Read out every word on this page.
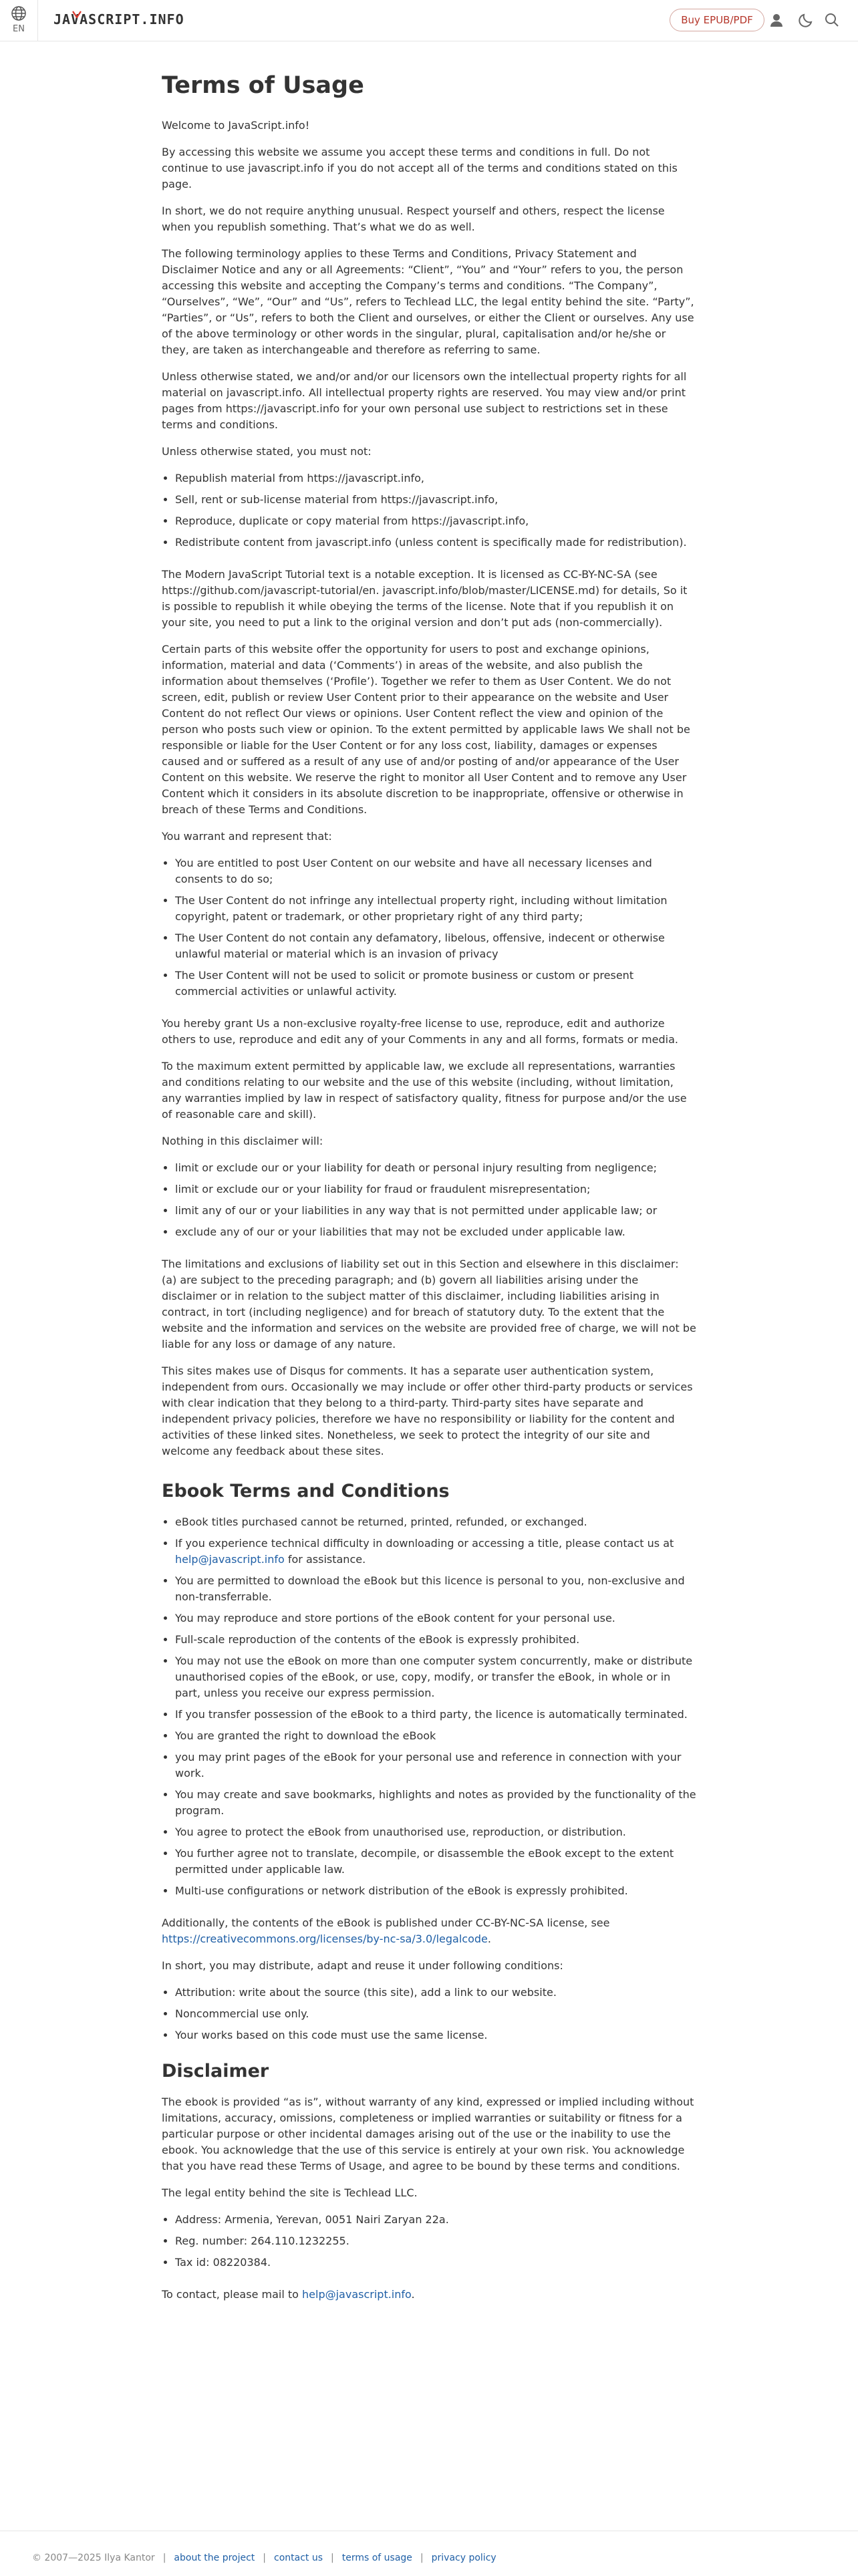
EN
JAVASCRIPT.INFO	Buy EPUB/PDF
Terms of Usage

Welcome to JavaScript.info!

By accessing this website we assume you accept these terms and conditions in full. Do not continue to use javascript.info if you do not accept all of the terms and conditions stated on this page.

In short, we do not require anything unusual. Respect yourself and others, respect the license when you republish something. That’s what we do as well.

The following terminology applies to these Terms and Conditions, Privacy Statement and Disclaimer Notice and any or all Agreements: “Client”, “You” and “Your” refers to you, the person accessing this website and accepting the Company’s terms and conditions. “The Company”, “Ourselves”, “We”, “Our” and “Us”, refers to Techlead LLC, the legal entity behind the site. “Party”, “Parties”, or “Us”, refers to both the Client and ourselves, or either the Client or ourselves. Any use of the above terminology or other words in the singular, plural, capitalisation and/or he/she or they, are taken as interchangeable and therefore as referring to same.

Unless otherwise stated, we and/or and/or our licensors own the intellectual property rights for all material on javascript.info. All intellectual property rights are reserved. You may view and/or print pages from https://javascript.info for your own personal use subject to restrictions set in these terms and conditions.

Unless otherwise stated, you must not:

• Republish material from https://javascript.info,
• Sell, rent or sub-license material from https://javascript.info,
• Reproduce, duplicate or copy material from https://javascript.info,
• Redistribute content from javascript.info (unless content is specifically made for redistribution).

The Modern JavaScript Tutorial text is a notable exception. It is licensed as CC-BY-NC-SA (see https://github.com/javascript-tutorial/en. javascript.info/blob/master/LICENSE.md) for details, So it is possible to republish it while obeying the terms of the license. Note that if you republish it on your site, you need to put a link to the original version and don’t put ads (non-commercially).

Certain parts of this website offer the opportunity for users to post and exchange opinions, information, material and data (‘Comments’) in areas of the website, and also publish the information about themselves (‘Profile’). Together we refer to them as User Content. We do not screen, edit, publish or review User Content prior to their appearance on the website and User Content do not reflect Our views or opinions. User Content reflect the view and opinion of the person who posts such view or opinion. To the extent permitted by applicable laws We shall not be responsible or liable for the User Content or for any loss cost, liability, damages or expenses caused and or suffered as a result of any use of and/or posting of and/or appearance of the User Content on this website. We reserve the right to monitor all User Content and to remove any User Content which it considers in its absolute discretion to be inappropriate, offensive or otherwise in breach of these Terms and Conditions.

You warrant and represent that:

• You are entitled to post User Content on our website and have all necessary licenses and consents to do so;
• The User Content do not infringe any intellectual property right, including without limitation copyright, patent or trademark, or other proprietary right of any third party;
• The User Content do not contain any defamatory, libelous, offensive, indecent or otherwise unlawful material or material which is an invasion of privacy
• The User Content will not be used to solicit or promote business or custom or present commercial activities or unlawful activity.

You hereby grant Us a non-exclusive royalty-free license to use, reproduce, edit and authorize others to use, reproduce and edit any of your Comments in any and all forms, formats or media.

To the maximum extent permitted by applicable law, we exclude all representations, warranties and conditions relating to our website and the use of this website (including, without limitation, any warranties implied by law in respect of satisfactory quality, fitness for purpose and/or the use of reasonable care and skill).

Nothing in this disclaimer will:

• limit or exclude our or your liability for death or personal injury resulting from negligence;
• limit or exclude our or your liability for fraud or fraudulent misrepresentation;
• limit any of our or your liabilities in any way that is not permitted under applicable law; or
• exclude any of our or your liabilities that may not be excluded under applicable law.

The limitations and exclusions of liability set out in this Section and elsewhere in this disclaimer: (a) are subject to the preceding paragraph; and (b) govern all liabilities arising under the disclaimer or in relation to the subject matter of this disclaimer, including liabilities arising in contract, in tort (including negligence) and for breach of statutory duty. To the extent that the website and the information and services on the website are provided free of charge, we will not be liable for any loss or damage of any nature.

This sites makes use of Disqus for comments. It has a separate user authentication system, independent from ours. Occasionally we may include or offer other third-party products or services with clear indication that they belong to a third-party. Third-party sites have separate and independent privacy policies, therefore we have no responsibility or liability for the content and activities of these linked sites. Nonetheless, we seek to protect the integrity of our site and welcome any feedback about these sites.

Ebook Terms and Conditions
• eBook titles purchased cannot be returned, printed, refunded, or exchanged.
• If you experience technical difficulty in downloading or accessing a title, please contact us at help@javascript.info for assistance.
• You are permitted to download the eBook but this licence is personal to you, non-exclusive and non-transferrable.
• You may reproduce and store portions of the eBook content for your personal use.
• Full-scale reproduction of the contents of the eBook is expressly prohibited.
• You may not use the eBook on more than one computer system concurrently, make or distribute unauthorised copies of the eBook, or use, copy, modify, or transfer the eBook, in whole or in part, unless you receive our express permission.
• If you transfer possession of the eBook to a third party, the licence is automatically terminated.
• You are granted the right to download the eBook
• you may print pages of the eBook for your personal use and reference in connection with your work.
• You may create and save bookmarks, highlights and notes as provided by the functionality of the program.
• You agree to protect the eBook from unauthorised use, reproduction, or distribution.
• You further agree not to translate, decompile, or disassemble the eBook except to the extent permitted under applicable law.
• Multi-use configurations or network distribution of the eBook is expressly prohibited.

Additionally, the contents of the eBook is published under CC-BY-NC-SA license, see https://creativecommons.org/licenses/by-nc-sa/3.0/legalcode.

In short, you may distribute, adapt and reuse it under following conditions:

• Attribution: write about the source (this site), add a link to our website.
• Noncommercial use only.
• Your works based on this code must use the same license.
Disclaimer

The ebook is provided “as is”, without warranty of any kind, expressed or implied including without limitations, accuracy, omissions, completeness or implied warranties or suitability or fitness for a particular purpose or other incidental damages arising out of the use or the inability to use the ebook. You acknowledge that the use of this service is entirely at your own risk. You acknowledge that you have read these Terms of Usage, and agree to be bound by these terms and conditions.

The legal entity behind the site is Techlead LLC.

• Address: Armenia, Yerevan, 0051 Nairi Zaryan 22a.
• Reg. number: 264.110.1232255.
• Tax id: 08220384.

To contact, please mail to help@javascript.info.

© 2007—2025 Ilya Kantor | about the project | contact us | terms of usage | privacy policy
